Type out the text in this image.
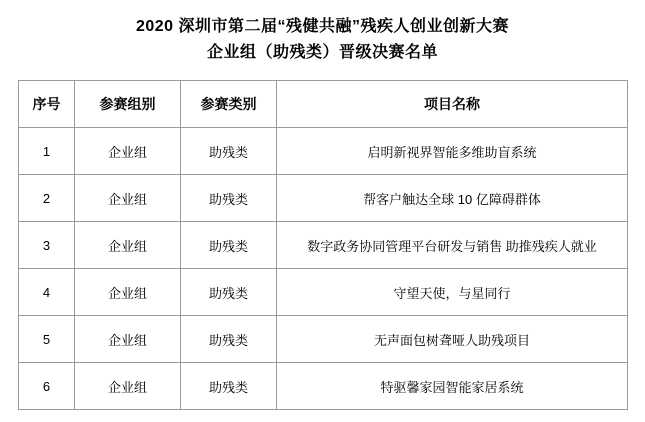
2020 深圳市第二届“残健共融”残疾人创业创新大赛
企业组（助残类）晋级决赛名单
序号	参赛组别	参赛类别	项目名称
1	企业组	助残类	启明新视界智能多维助盲系统
2	企业组	助残类	帮客户触达全球 10 亿障碍群体
3	企业组	助残类	数字政务协同管理平台研发与销售 助推残疾人就业
4	企业组	助残类	守望天使，与星同行
5	企业组	助残类	无声面包树聋哑人助残项目
6	企业组	助残类	特驱馨家园智能家居系统
